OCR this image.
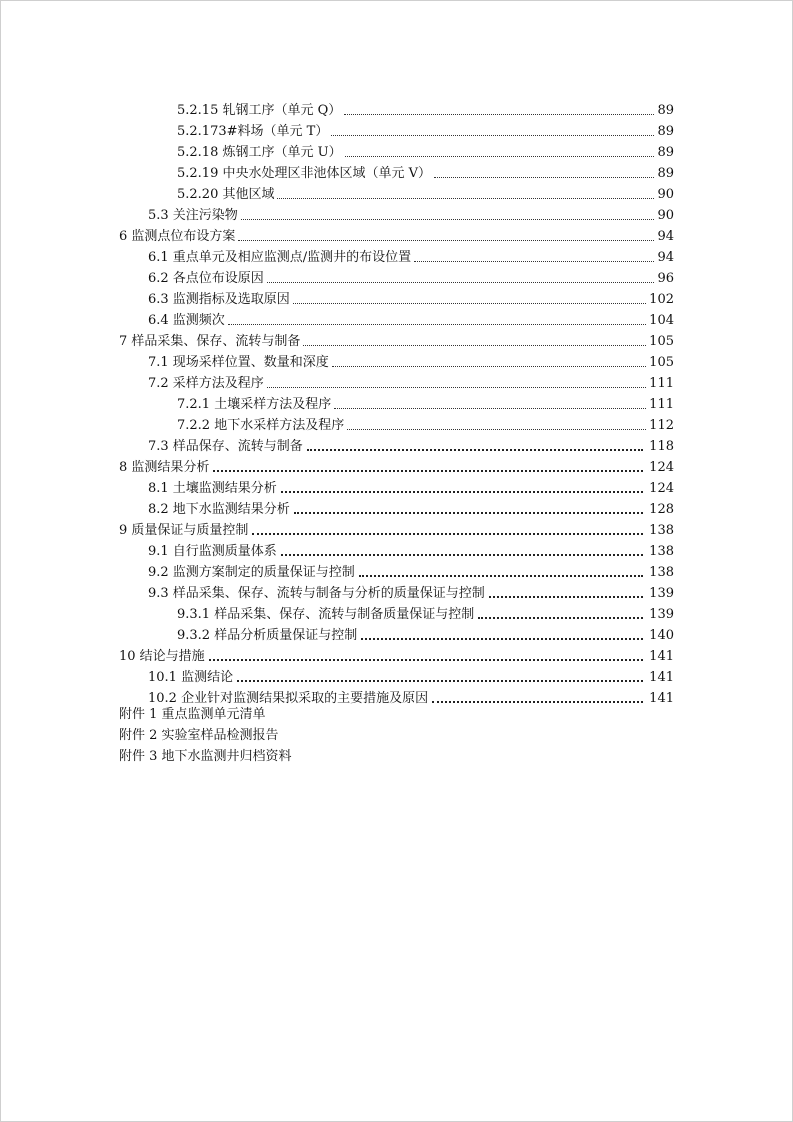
5.2.15 轧钢工序（单元 Q）	89
5.2.173#料场（单元 T）	89
5.2.18 炼钢工序（单元 U）	89
5.2.19 中央水处理区非池体区域（单元 V）	89
5.2.20 其他区域	90
5.3 关注污染物	90
6 监测点位布设方案	94
6.1 重点单元及相应监测点/监测井的布设位置	94
6.2 各点位布设原因	96
6.3 监测指标及选取原因	102
6.4 监测频次	104
7 样品采集、保存、流转与制备	105
7.1 现场采样位置、数量和深度	105
7.2 采样方法及程序	111
7.2.1 土壤采样方法及程序	111
7.2.2 地下水采样方法及程序	112
7.3 样品保存、流转与制备	118
8 监测结果分析	124
8.1 土壤监测结果分析	124
8.2 地下水监测结果分析	128
9 质量保证与质量控制	138
9.1 自行监测质量体系	138
9.2 监测方案制定的质量保证与控制	138
9.3 样品采集、保存、流转与制备与分析的质量保证与控制	139
9.3.1 样品采集、保存、流转与制备质量保证与控制	139
9.3.2 样品分析质量保证与控制	140
10 结论与措施	141
10.1 监测结论	141
10.2 企业针对监测结果拟采取的主要措施及原因	141
附件 1 重点监测单元清单
附件 2 实验室样品检测报告
附件 3 地下水监测井归档资料
